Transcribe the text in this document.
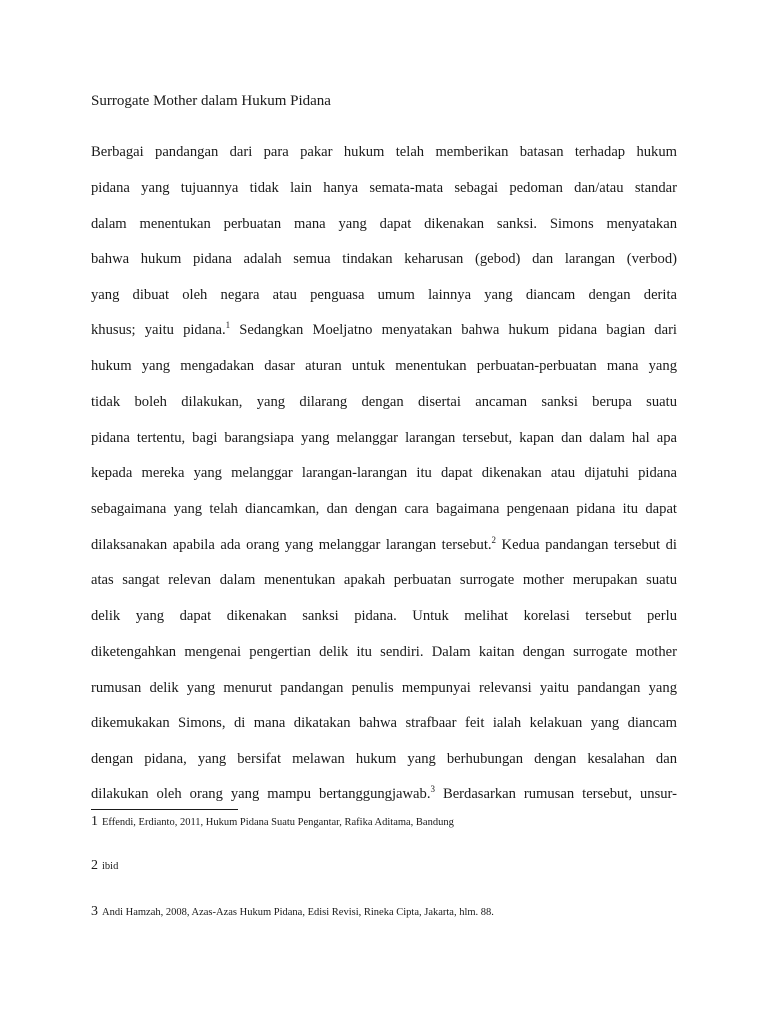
Surrogate Mother dalam Hukum Pidana
Berbagai pandangan dari para pakar hukum telah memberikan batasan terhadap hukum
pidana yang tujuannya tidak lain hanya semata-mata sebagai pedoman dan/atau standar
dalam menentukan perbuatan mana yang dapat dikenakan sanksi. Simons menyatakan
bahwa hukum pidana adalah semua tindakan keharusan (gebod) dan larangan (verbod)
yang dibuat oleh negara atau penguasa umum lainnya yang diancam dengan derita
khusus; yaitu pidana.$^1$ Sedangkan Moeljatno menyatakan bahwa hukum pidana bagian dari
hukum yang mengadakan dasar aturan untuk menentukan perbuatan-perbuatan mana yang
tidak boleh dilakukan, yang dilarang dengan disertai ancaman sanksi berupa suatu
pidana tertentu, bagi barangsiapa yang melanggar larangan tersebut, kapan dan dalam hal apa
kepada mereka yang melanggar larangan-larangan itu dapat dikenakan atau dijatuhi pidana
sebagaimana yang telah diancamkan, dan dengan cara bagaimana pengenaan pidana itu dapat
dilaksanakan apabila ada orang yang melanggar larangan tersebut.$^2$ Kedua pandangan tersebut di
atas sangat relevan dalam menentukan apakah perbuatan surrogate mother merupakan suatu
delik yang dapat dikenakan sanksi pidana. Untuk melihat korelasi tersebut perlu
diketengahkan mengenai pengertian delik itu sendiri. Dalam kaitan dengan surrogate mother
rumusan delik yang menurut pandangan penulis mempunyai relevansi yaitu pandangan yang
dikemukakan Simons, di mana dikatakan bahwa strafbaar feit ialah kelakuan yang diancam
dengan pidana, yang bersifat melawan hukum yang berhubungan dengan kesalahan dan
dilakukan oleh orang yang mampu bertanggungjawab.$^3$ Berdasarkan rumusan tersebut, unsur-
1 Effendi, Erdianto, 2011, Hukum Pidana Suatu Pengantar, Rafika Aditama, Bandung
2 ibid
3 Andi Hamzah, 2008, Azas-Azas Hukum Pidana, Edisi Revisi, Rineka Cipta, Jakarta, hlm. 88.
